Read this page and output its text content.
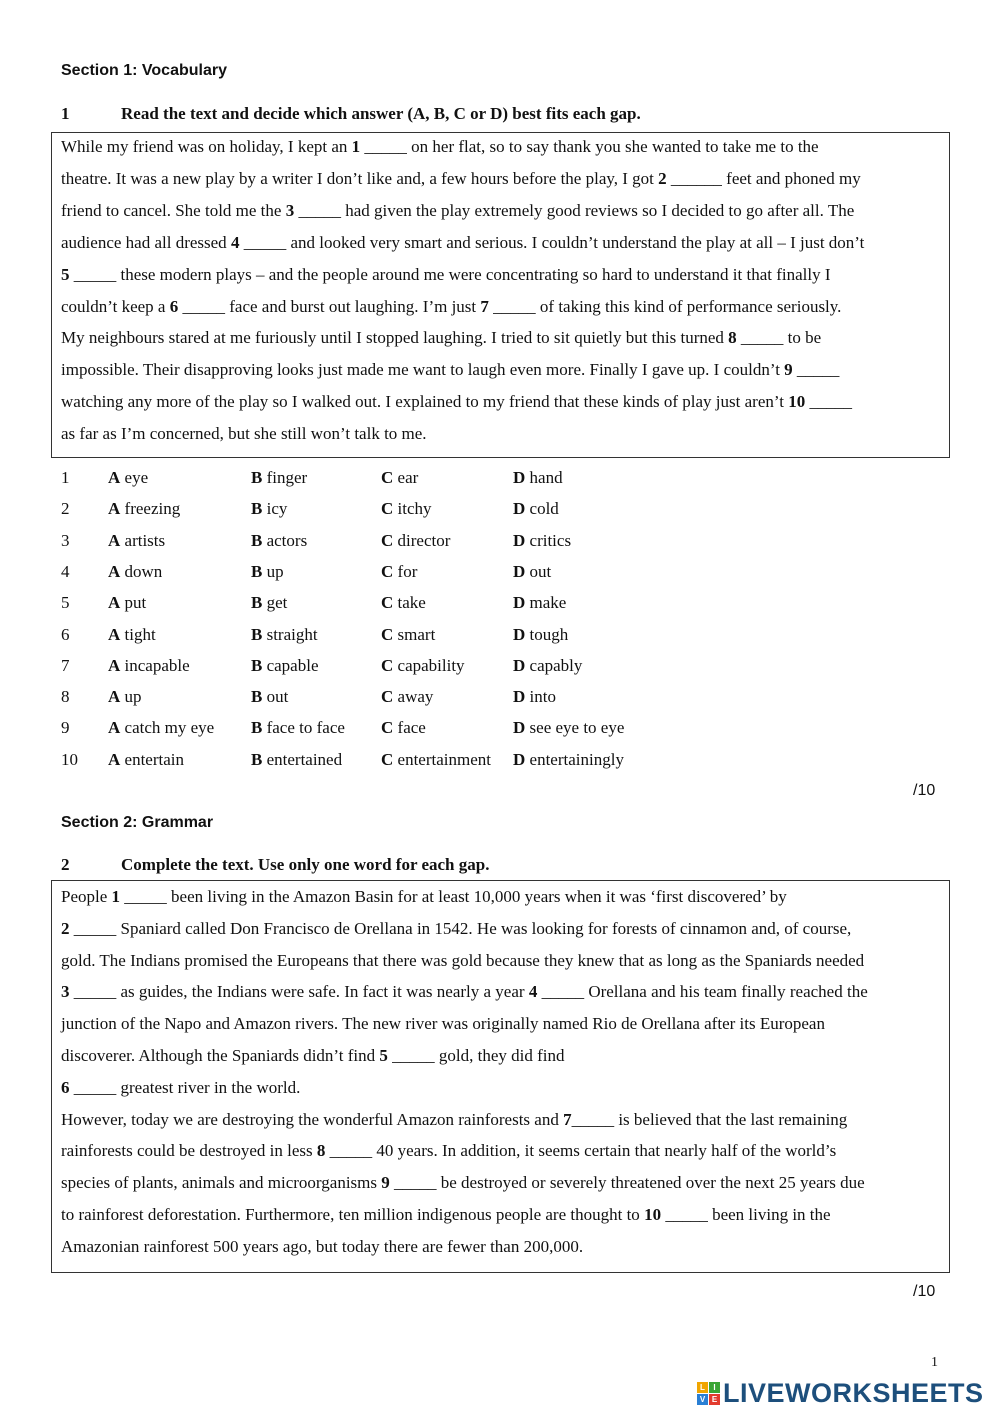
Section 1: Vocabulary
1	Read the text and decide which answer (A, B, C or D) best fits each gap.
While my friend was on holiday, I kept an 1 _____ on her flat, so to say thank you she wanted to take me to the
theatre. It was a new play by a writer I don’t like and, a few hours before the play, I got 2 ______ feet and phoned my
friend to cancel. She told me the 3 _____ had given the play extremely good reviews so I decided to go after all. The
audience had all dressed 4 _____ and looked very smart and serious. I couldn’t understand the play at all – I just don’t
5 _____ these modern plays – and the people around me were concentrating so hard to understand it that finally I
couldn’t keep a 6 _____ face and burst out laughing. I’m just 7 _____ of taking this kind of performance seriously.
My neighbours stared at me furiously until I stopped laughing. I tried to sit quietly but this turned 8 _____ to be
impossible. Their disapproving looks just made me want to laugh even more. Finally I gave up. I couldn’t 9 _____
watching any more of the play so I walked out. I explained to my friend that these kinds of play just aren’t 10 _____
as far as I’m concerned, but she still won’t talk to me.
1 A eye	B finger	C ear	D hand
2 A freezing	B icy	C itchy	D cold
3 A artists	B actors	C director	D critics
4 A down	B up	C for	D out
5 A put	B get	C take	D make
6 A tight	B straight	C smart	D tough
7 A incapable	B capable	C capability	D capably
8 A up	B out	C away	D into
9 A catch my eye B face to face C face	D see eye to eye
10 A entertain	B entertained C entertainment D entertainingly
/10
Section 2: Grammar
2	Complete the text. Use only one word for each gap.
People 1 _____ been living in the Amazon Basin for at least 10,000 years when it was ‘first discovered’ by
2 _____ Spaniard called Don Francisco de Orellana in 1542. He was looking for forests of cinnamon and, of course,
gold. The Indians promised the Europeans that there was gold because they knew that as long as the Spaniards needed
3 _____ as guides, the Indians were safe. In fact it was nearly a year 4 _____ Orellana and his team finally reached the
junction of the Napo and Amazon rivers. The new river was originally named Rio de Orellana after its European
discoverer. Although the Spaniards didn’t find 5 _____ gold, they did find
6 _____ greatest river in the world.
However, today we are destroying the wonderful Amazon rainforests and 7_____ is believed that the last remaining
rainforests could be destroyed in less 8 _____ 40 years. In addition, it seems certain that nearly half of the world’s
species of plants, animals and microorganisms 9 _____ be destroyed or severely threatened over the next 25 years due
to rainforest deforestation. Furthermore, ten million indigenous people are thought to 10 _____ been living in the
Amazonian rainforest 500 years ago, but today there are fewer than 200,000.
/10
1
L	I
V E LIVEWORKSHEETS
